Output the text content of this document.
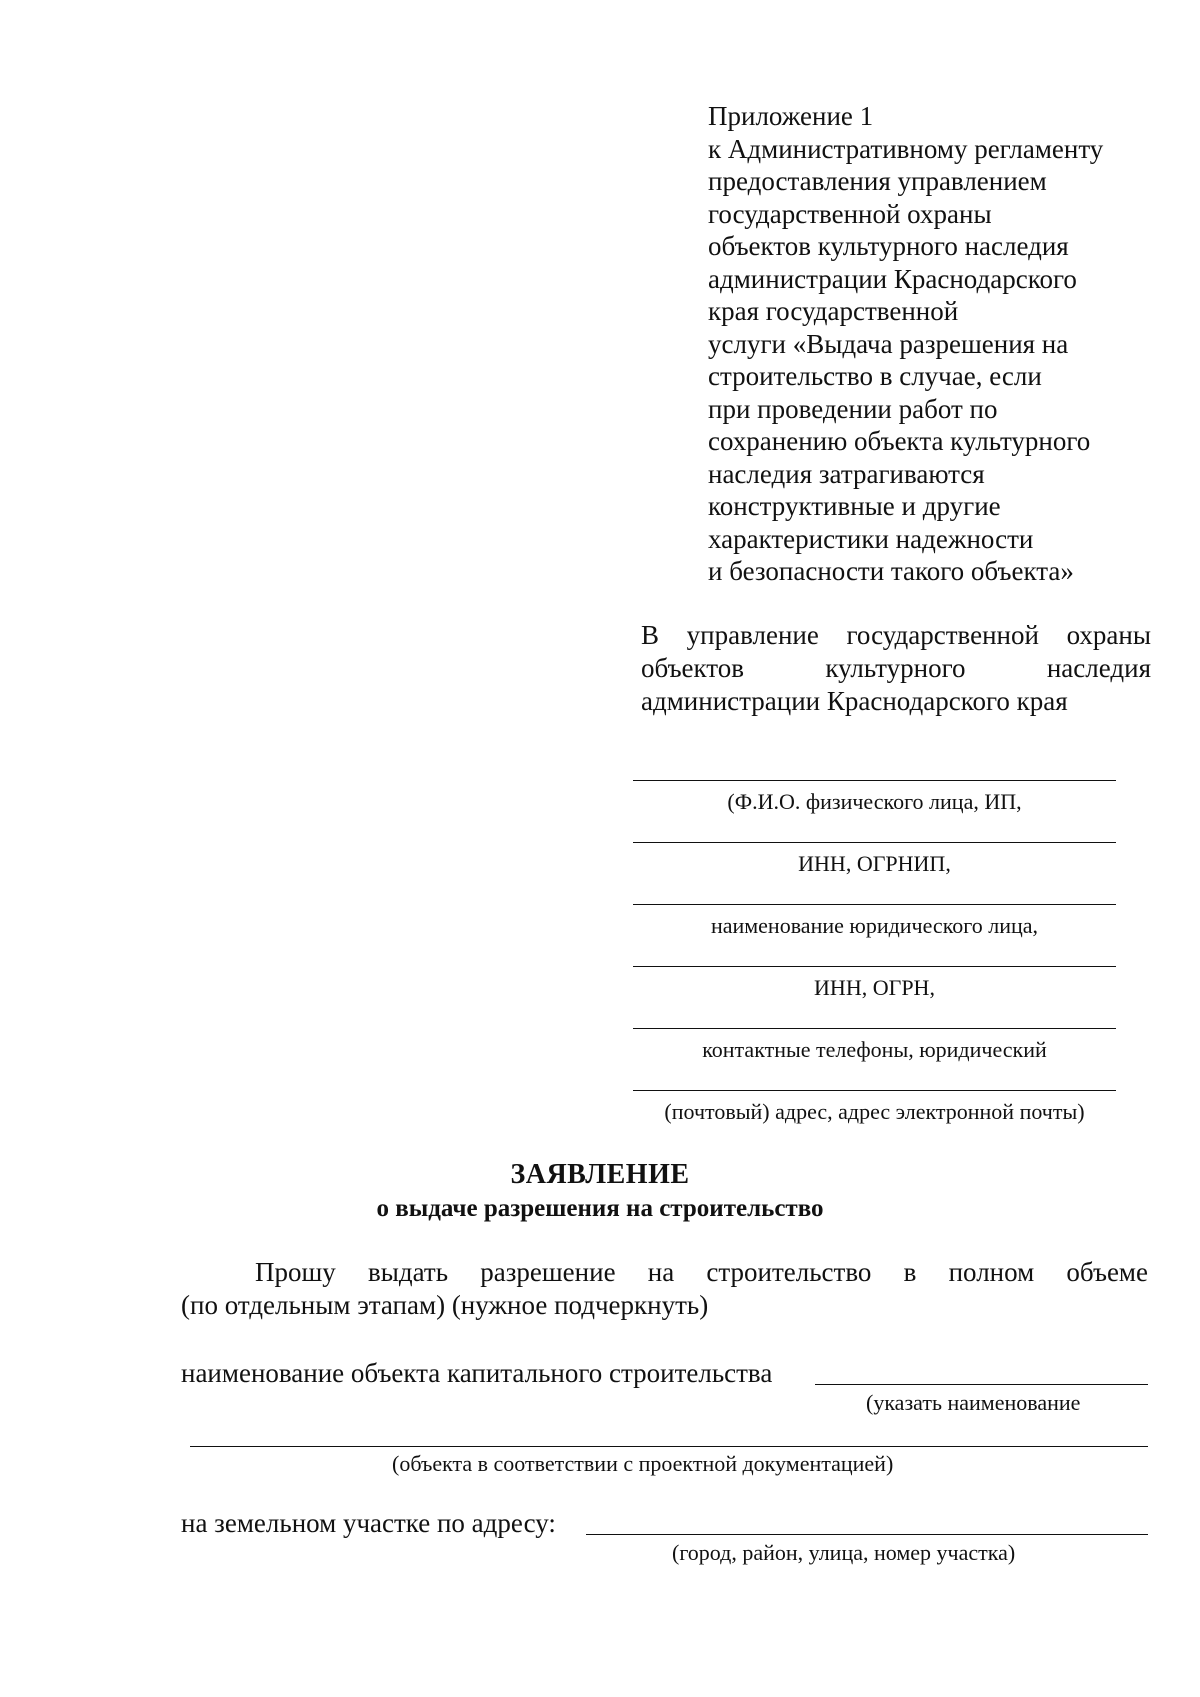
Приложение 1
к Административному регламенту
предоставления управлением
государственной охраны
объектов культурного наследия
администрации Краснодарского
края государственной
услуги «Выдача разрешения на
строительство в случае, если
при проведении работ по
сохранению объекта культурного
наследия затрагиваются
конструктивные и другие
характеристики надежности
и безопасности такого объекта»
В управление государственной охраны
объектов культурного наследия
администрации Краснодарского края
(Ф.И.О. физического лица, ИП,
ИНН, ОГРНИП,
наименование юридического лица,
ИНН, ОГРН,
контактные телефоны, юридический
(почтовый) адрес, адрес электронной почты)
ЗАЯВЛЕНИЕ
о выдаче разрешения на строительство
Прошу выдать разрешение на строительство в полном объеме
(по отдельным этапам) (нужное подчеркнуть)
наименование объекта капитального строительства
(указать наименование
(объекта в соответствии с проектной документацией)
на земельном участке по адресу:
(город, район, улица, номер участка)
